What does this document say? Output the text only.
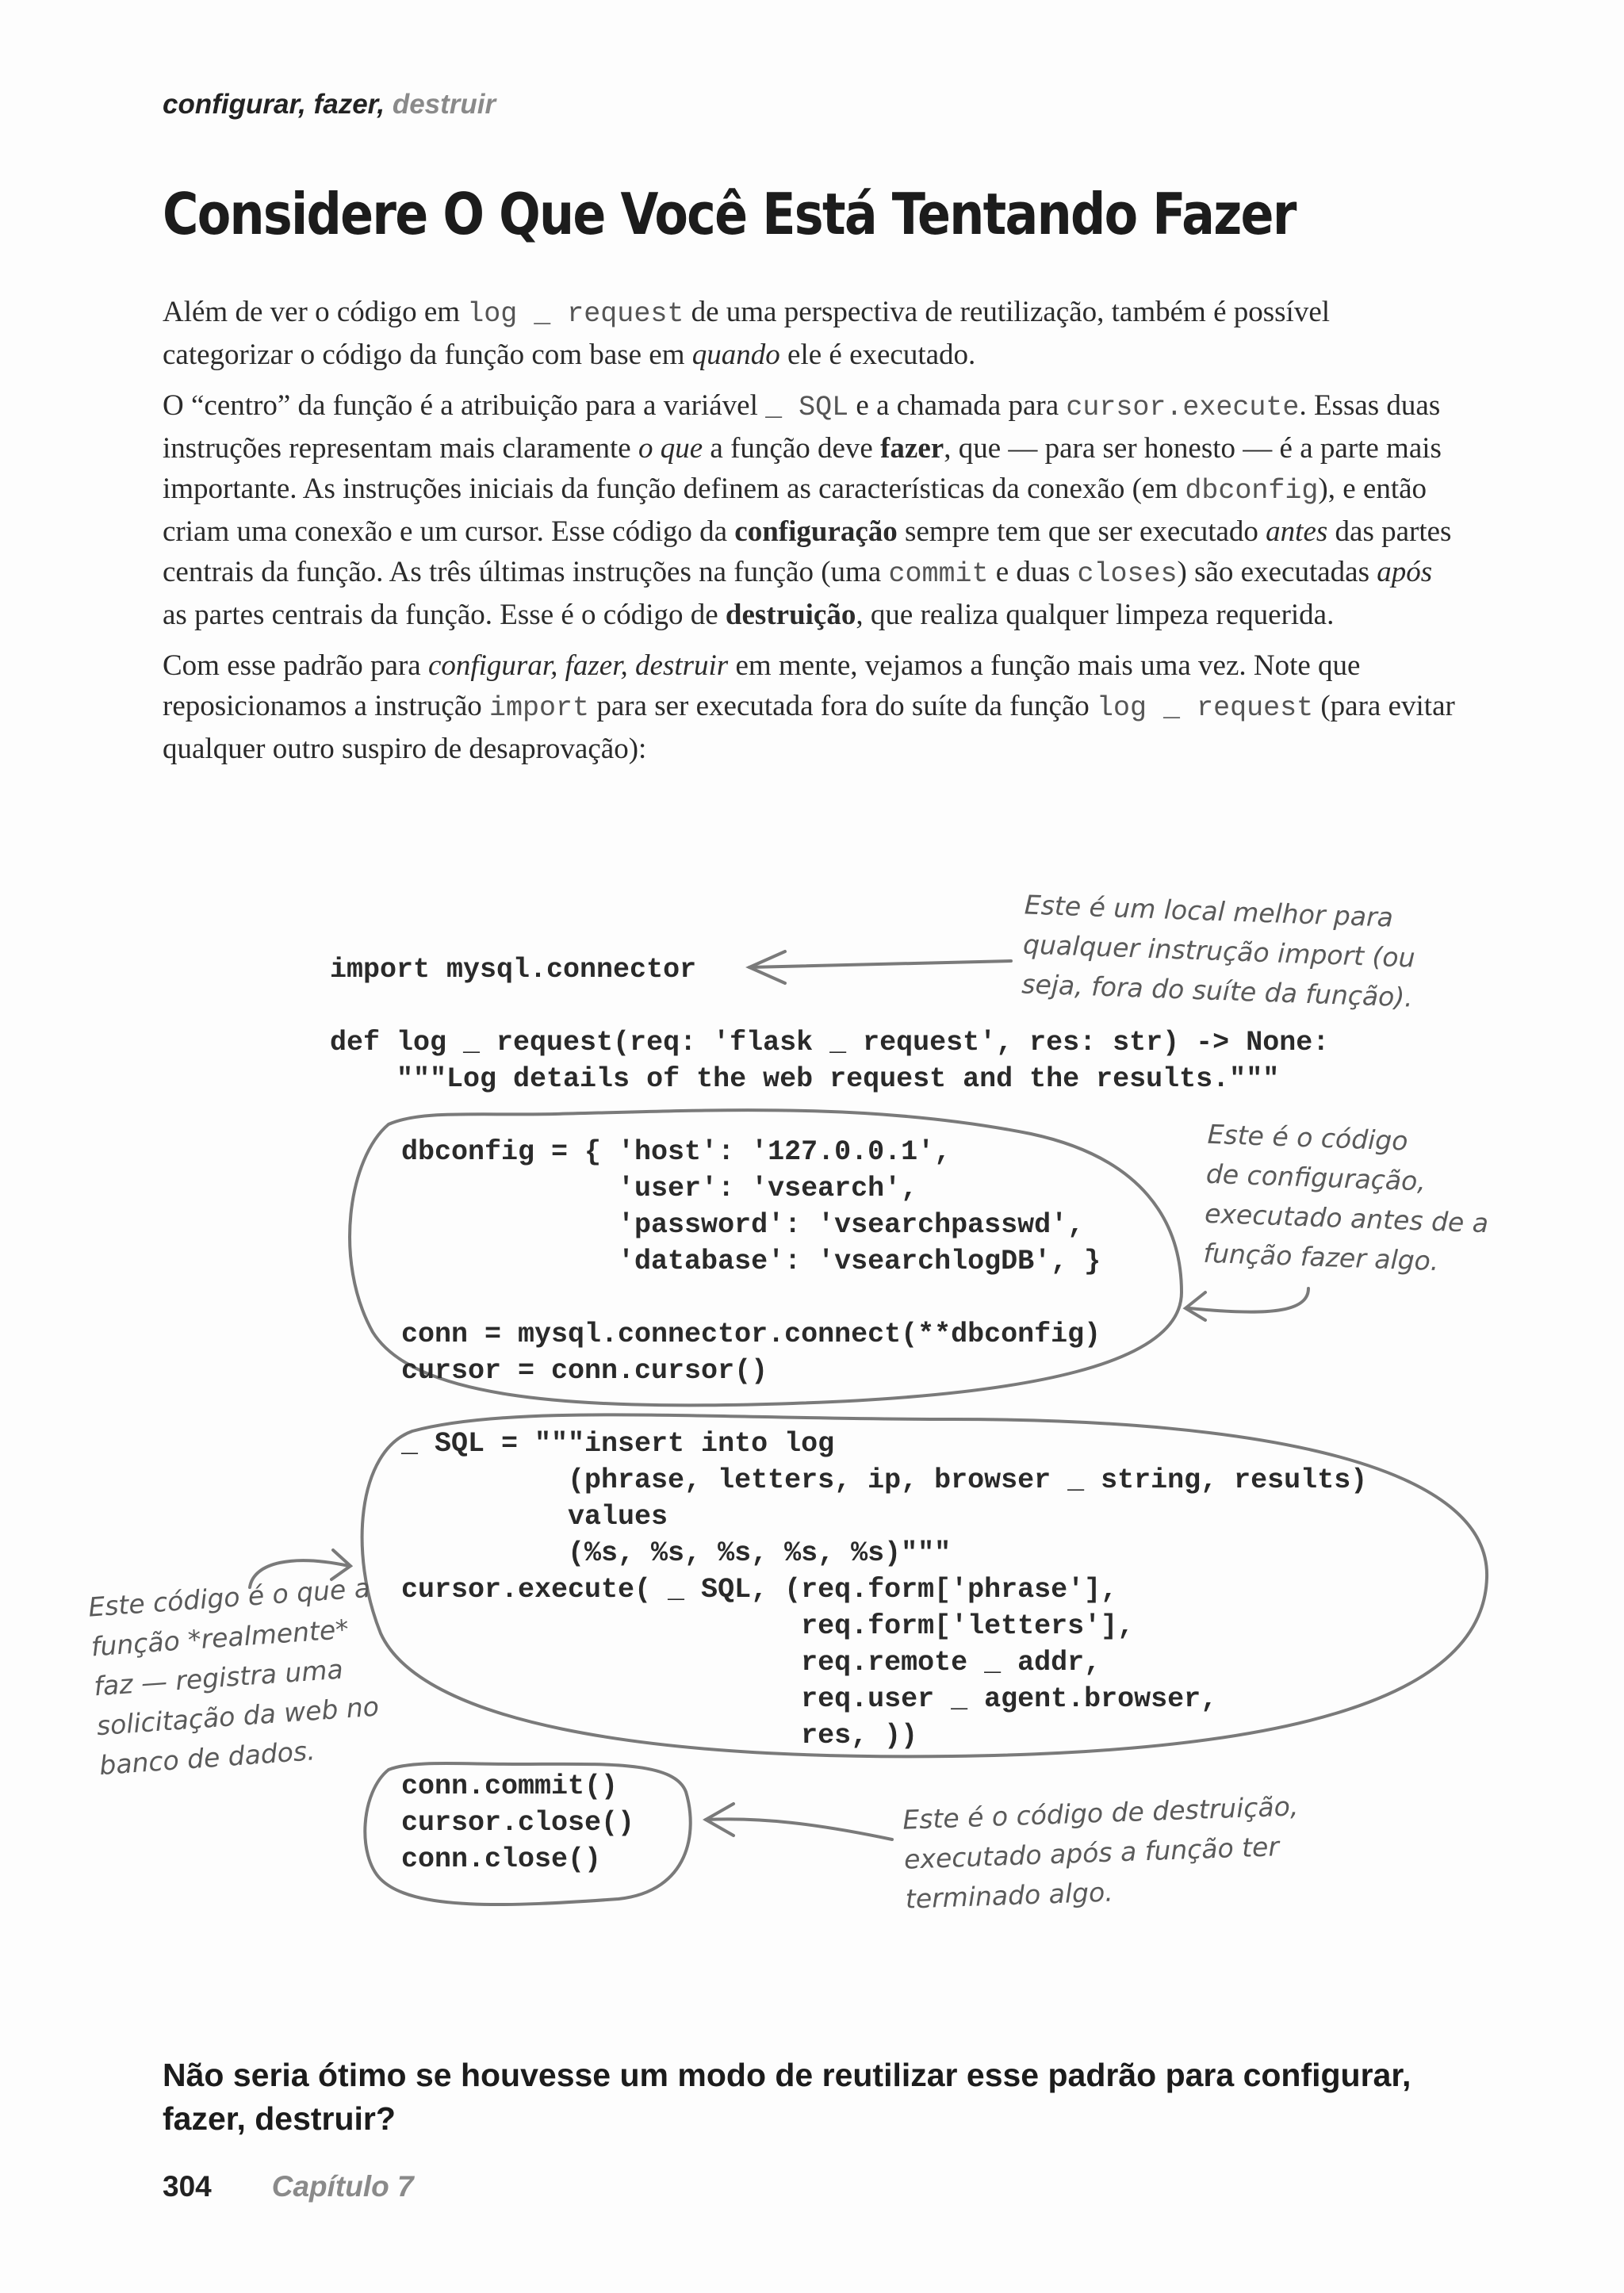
configurar, fazer, destruir
Considere O Que Você Está Tentando Fazer

Além de ver o código em log _ request de uma perspectiva de reutilização, também é possível categorizar o código da função com base em quando ele é executado.

O “centro” da função é a atribuição para a variável _ SQL e a chamada para cursor.execute. Essas duas instruções representam mais claramente o que a função deve fazer, que — para ser honesto — é a parte mais importante. As instruções iniciais da função definem as características da conexão (em dbconfig), e então criam uma conexão e um cursor. Esse código da configuração sempre tem que ser executado antes das partes centrais da função. As três últimas instruções na função (uma commit e duas closes) são executadas após as partes centrais da função. Esse é o código de destruição, que realiza qualquer limpeza requerida.

Com esse padrão para configurar, fazer, destruir em mente, vejamos a função mais uma vez. Note que reposicionamos a instrução import para ser executada fora do suíte da função log _ request (para evitar qualquer outro suspiro de desaprovação):

import mysql.connector
def log _ request(req: 'flask _ request', res: str) -> None:
"""Log details of the web request and the results."""
dbconfig = { 'host': '127.0.0.1',
'user': 'vsearch',
'password': 'vsearchpasswd',
'database': 'vsearchlogDB', }

conn = mysql.connector.connect(**dbconfig)
cursor = conn.cursor()
_ SQL = """insert into log
(phrase, letters, ip, browser _ string, results)
values
(%s, %s, %s, %s, %s)"""
cursor.execute( _ SQL, (req.form['phrase'],
req.form['letters'],
req.remote _ addr,
req.user _ agent.browser,
res, ))
conn.commit()
cursor.close()
conn.close()
Este é um local melhor para
qualquer instrução import (ou
seja, fora do suíte da função).
Este é o código
de configuração,
executado antes de a
função fazer algo.
Este código é o que a
função *realmente*
faz — registra uma
solicitação da web no
banco de dados.
Este é o código de destruição,
executado após a função ter
terminado algo.
Não seria ótimo se houvesse um modo de reutilizar esse padrão para configurar, fazer, destruir?
304 Capítulo 7
